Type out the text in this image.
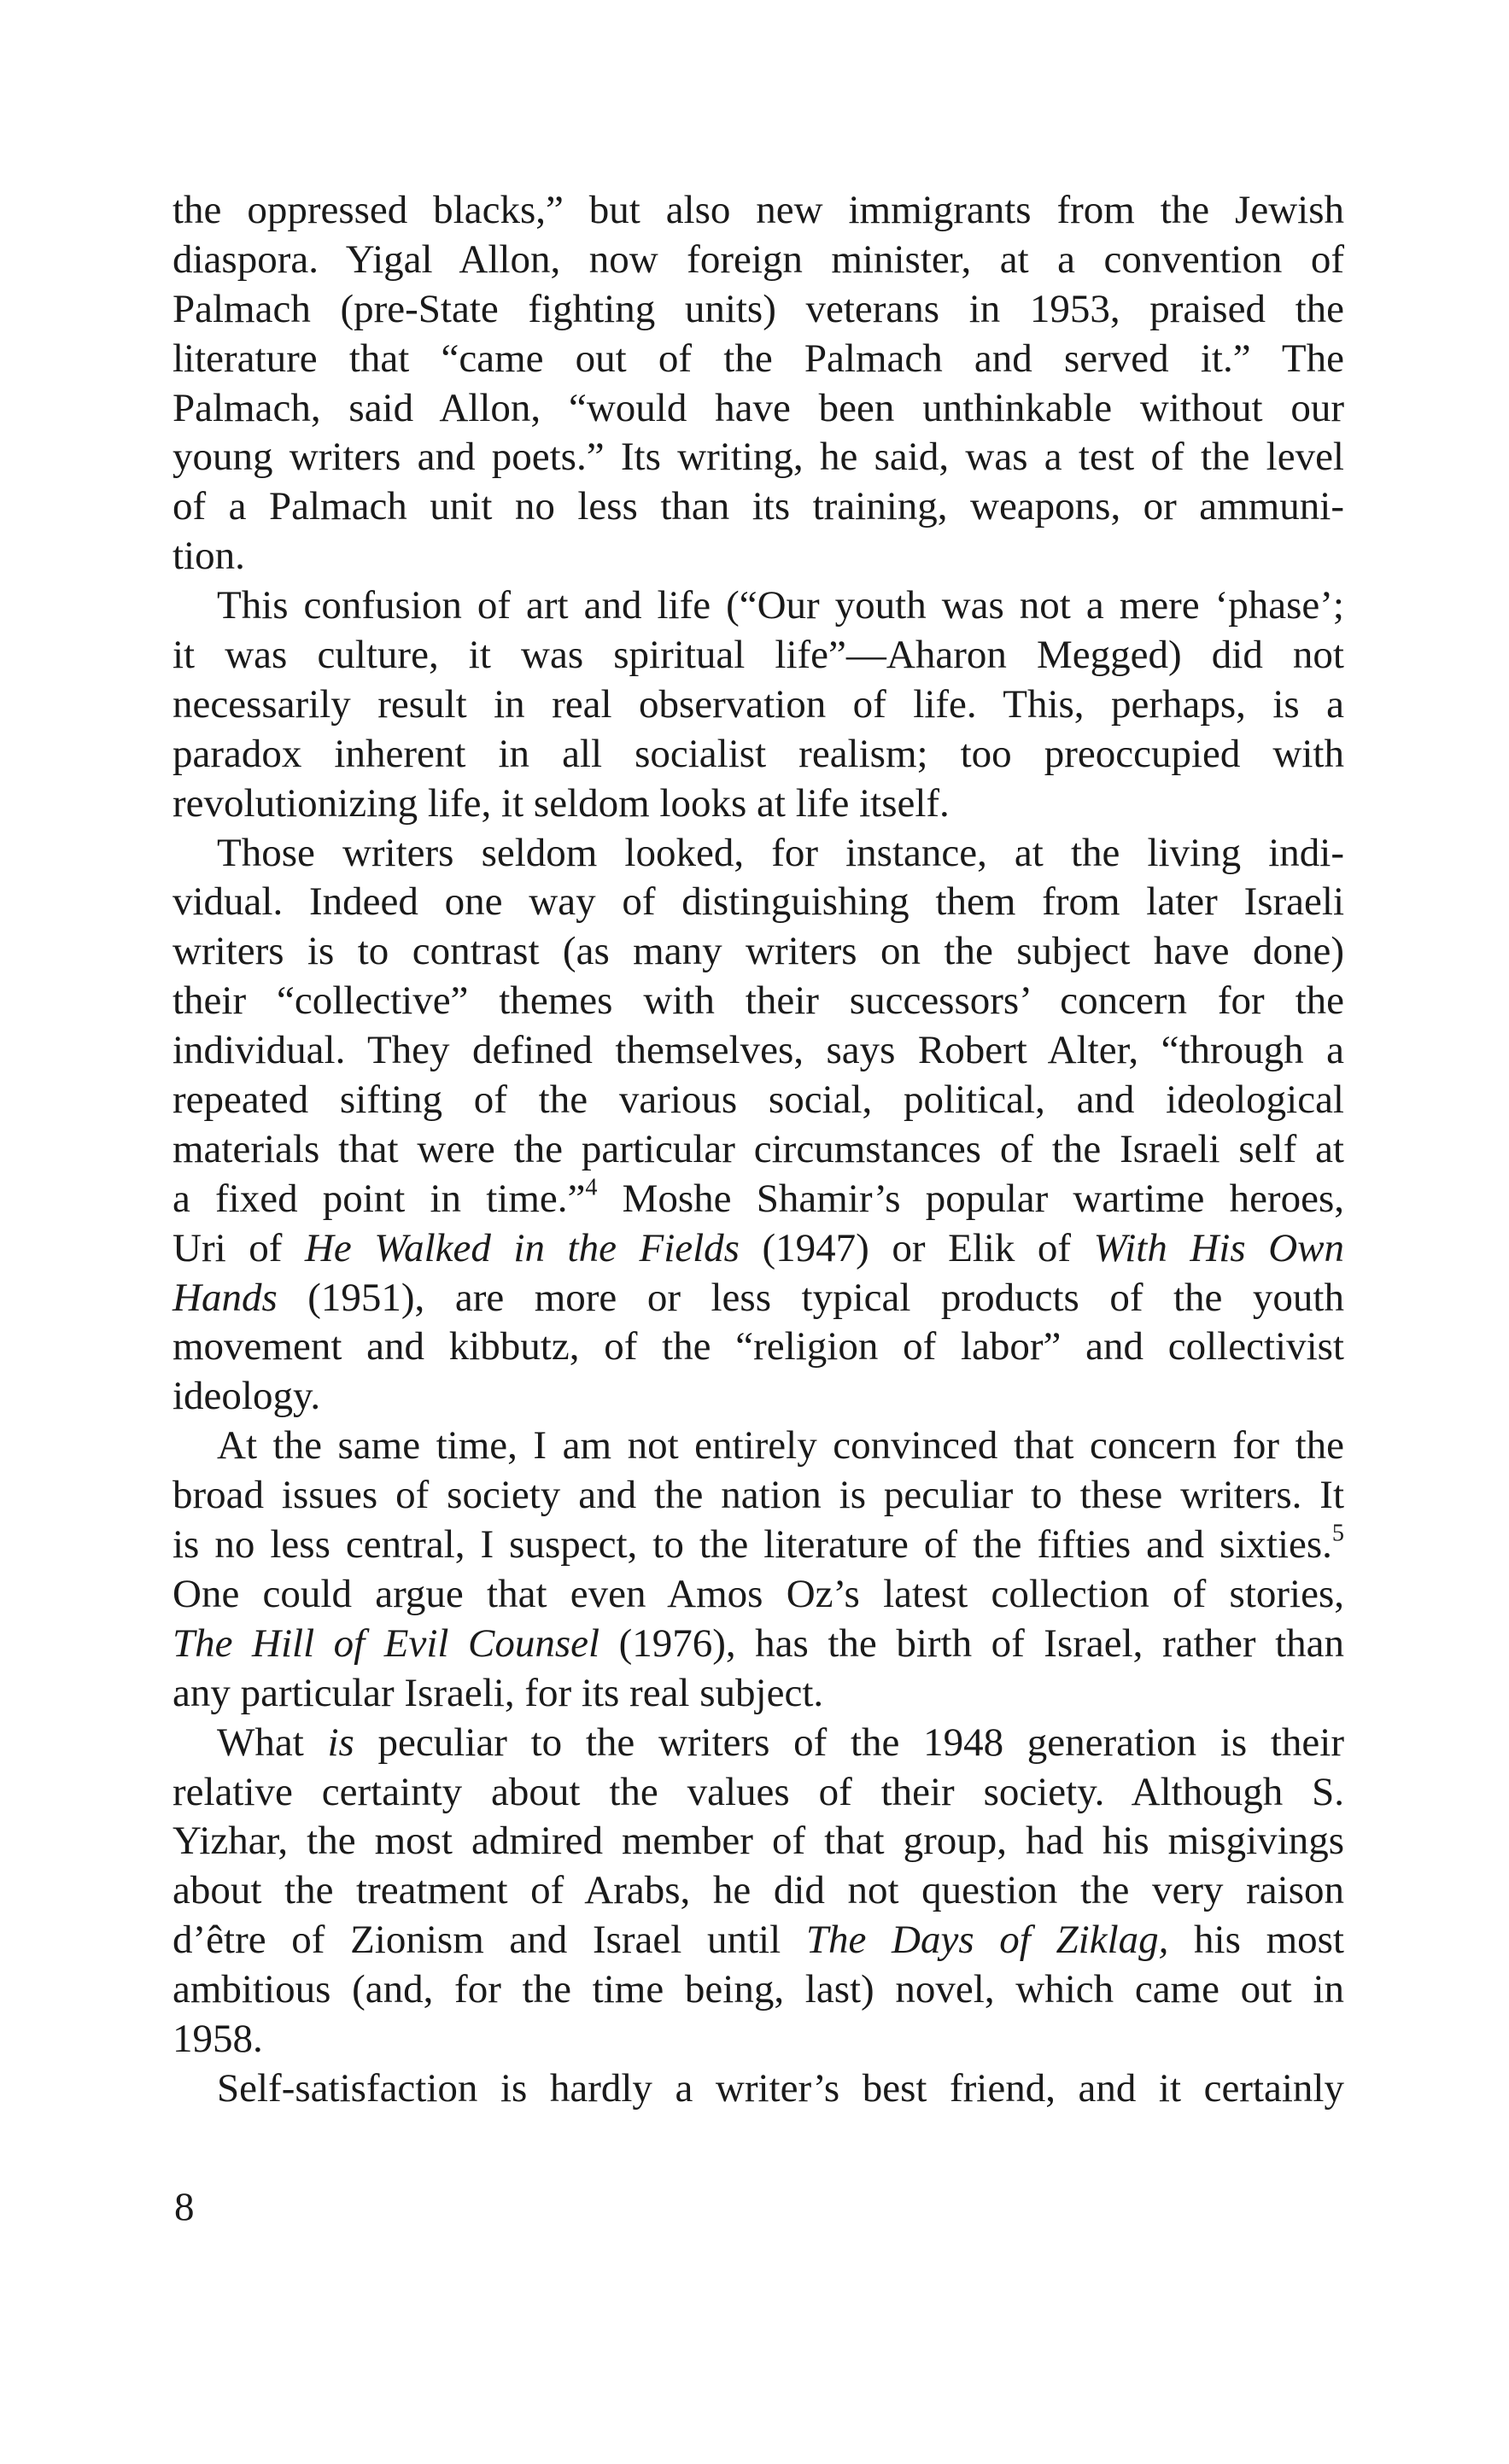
the oppressed blacks,” but also new immigrants from the Jewish
diaspora. Yigal Allon, now foreign minister, at a convention of
Palmach (pre-State fighting units) veterans in 1953, praised the
literature that “came out of the Palmach and served it.” The
Palmach, said Allon, “would have been unthinkable without our
young writers and poets.” Its writing, he said, was a test of the level
of a Palmach unit no less than its training, weapons, or ammuni-
tion.
This confusion of art and life (“Our youth was not a mere ‘phase’;
it was culture, it was spiritual life”—Aharon Megged) did not
necessarily result in real observation of life. This, perhaps, is a
paradox inherent in all socialist realism; too preoccupied with
revolutionizing life, it seldom looks at life itself.
Those writers seldom looked, for instance, at the living indi-
vidual. Indeed one way of distinguishing them from later Israeli
writers is to contrast (as many writers on the subject have done)
their “collective” themes with their successors’ concern for the
individual. They defined themselves, says Robert Alter, “through a
repeated sifting of the various social, political, and ideological
materials that were the particular circumstances of the Israeli self at
a fixed point in time.”$^4$ Moshe Shamir’s popular wartime heroes,
Uri of He Walked in the Fields (1947) or Elik of With His Own
Hands (1951), are more or less typical products of the youth
movement and kibbutz, of the “religion of labor” and collectivist
ideology.
At the same time, I am not entirely convinced that concern for the
broad issues of society and the nation is peculiar to these writers. It
is no less central, I suspect, to the literature of the fifties and sixties.$^5$
One could argue that even Amos Oz’s latest collection of stories,
The Hill of Evil Counsel (1976), has the birth of Israel, rather than
any particular Israeli, for its real subject.
What is peculiar to the writers of the 1948 generation is their
relative certainty about the values of their society. Although S.
Yizhar, the most admired member of that group, had his misgivings
about the treatment of Arabs, he did not question the very raison
d’être of Zionism and Israel until The Days of Ziklag, his most
ambitious (and, for the time being, last) novel, which came out in
1958.
Self-satisfaction is hardly a writer’s best friend, and it certainly
8
